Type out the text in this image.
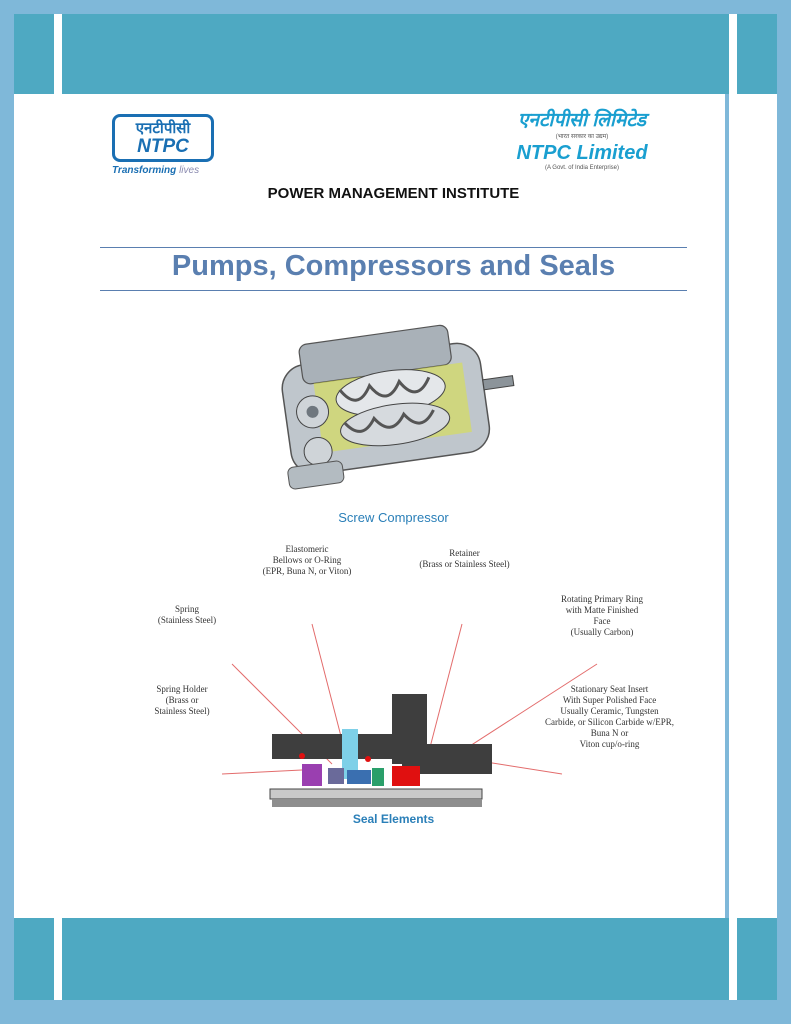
एनटीपीसी
NTPC
Transforming lives
एनटीपीसी लिमिटेड
(भारत सरकार का उद्यम)
NTPC Limited
(A Govt. of India Enterprise)
POWER MANAGEMENT INSTITUTE
Pumps, Compressors and Seals
Screw Compressor
Elastomeric
Bellows or O-Ring
(EPR, Buna N, or Viton)
Retainer
(Brass or Stainless Steel)
Spring
(Stainless Steel)
Rotating Primary Ring
with Matte Finished
Face
(Usually Carbon)
Spring Holder
(Brass or
Stainless Steel)
Stationary Seat Insert
With Super Polished Face
Usually Ceramic, Tungsten
Carbide, or Silicon Carbide w/EPR,
Buna N or
Viton cup/o-ring
Seal Elements
